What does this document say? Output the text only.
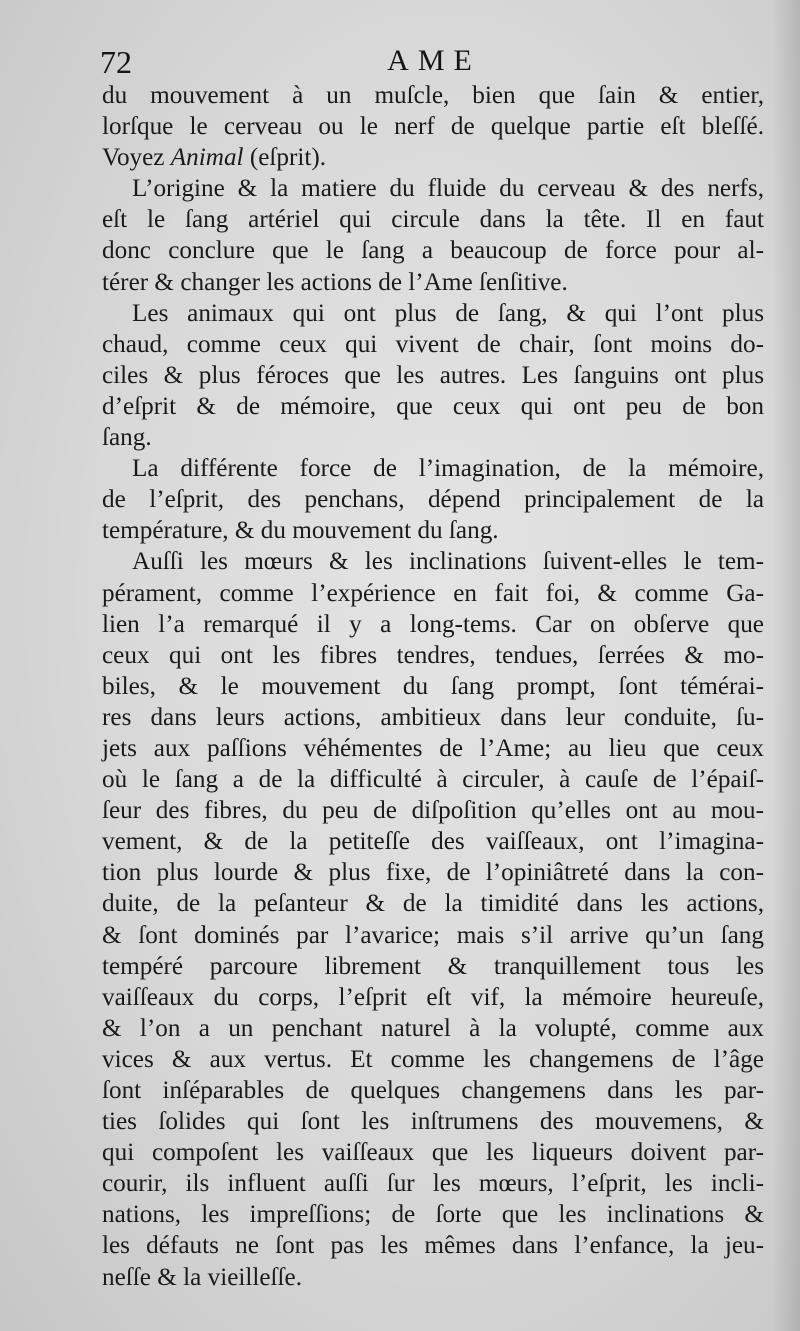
72	AME

du mouvement à un muſcle, bien que ſain & entier,
lorſque le cerveau ou le nerf de quelque partie eſt bleſſé.
Voyez Animal (eſprit).

L’origine & la matiere du fluide du cerveau & des nerfs,
eſt le ſang artériel qui circule dans la tête. Il en faut
donc conclure que le ſang a beaucoup de force pour al-
térer & changer les actions de l’Ame ſenſitive.

Les animaux qui ont plus de ſang, & qui l’ont plus
chaud, comme ceux qui vivent de chair, ſont moins do-
ciles & plus féroces que les autres. Les ſanguins ont plus
d’eſprit & de mémoire, que ceux qui ont peu de bon
ſang.

La différente force de l’imagination, de la mémoire,
de l’eſprit, des penchans, dépend principalement de la
température, & du mouvement du ſang.

Auſſi les mœurs & les inclinations ſuivent-elles le tem-
pérament, comme l’expérience en fait foi, & comme Ga-
lien l’a remarqué il y a long-tems. Car on obſerve que
ceux qui ont les fibres tendres, tendues, ſerrées & mo-
biles, & le mouvement du ſang prompt, ſont témérai-
res dans leurs actions, ambitieux dans leur conduite, ſu-
jets aux paſſions véhémentes de l’Ame; au lieu que ceux
où le ſang a de la difficulté à circuler, à cauſe de l’épaiſ-
ſeur des fibres, du peu de diſpoſition qu’elles ont au mou-
vement, & de la petiteſſe des vaiſſeaux, ont l’imagina-
tion plus lourde & plus fixe, de l’opiniâtreté dans la con-
duite, de la peſanteur & de la timidité dans les actions,
& ſont dominés par l’avarice; mais s’il arrive qu’un ſang
tempéré parcoure librement & tranquillement tous les
vaiſſeaux du corps, l’eſprit eſt vif, la mémoire heureuſe,
& l’on a un penchant naturel à la volupté, comme aux
vices & aux vertus. Et comme les changemens de l’âge
ſont inſéparables de quelques changemens dans les par-
ties ſolides qui ſont les inſtrumens des mouvemens, &
qui compoſent les vaiſſeaux que les liqueurs doivent par-
courir, ils influent auſſi ſur les mœurs, l’eſprit, les incli-
nations, les impreſſions; de ſorte que les inclinations &
les défauts ne ſont pas les mêmes dans l’enfance, la jeu-
neſſe & la vieilleſſe.
